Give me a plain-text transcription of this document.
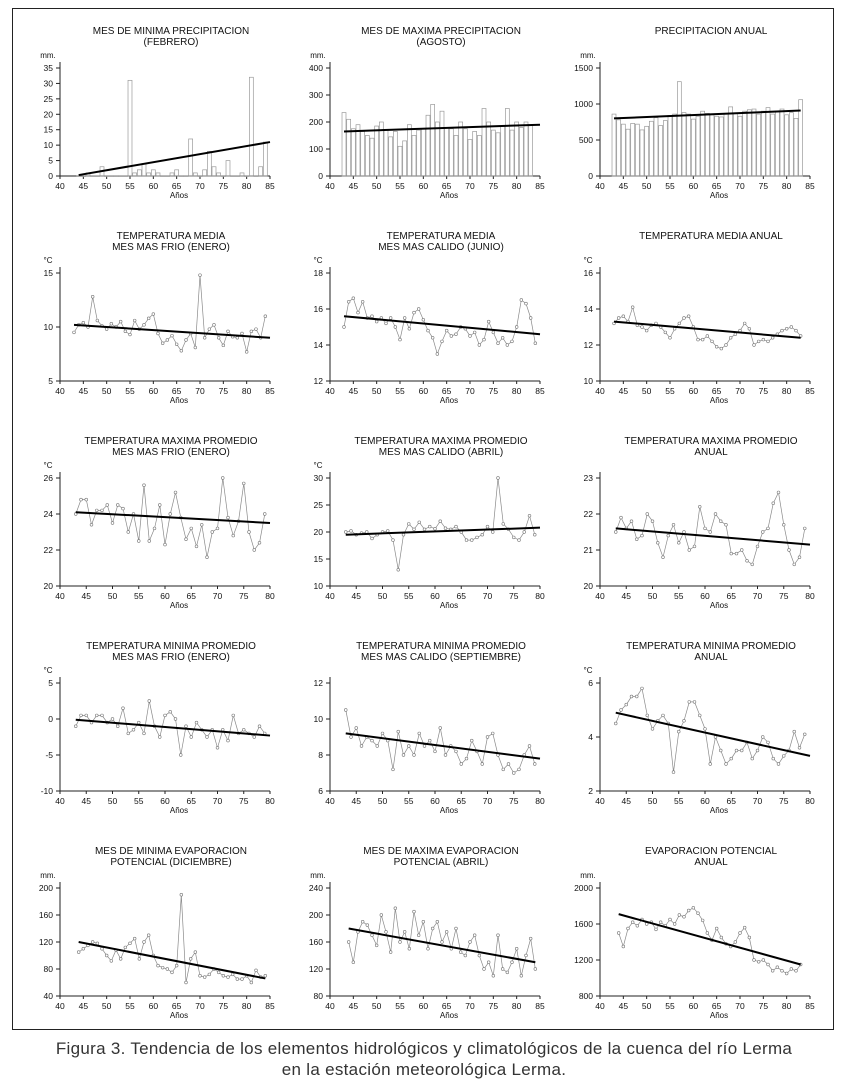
MES DE MINIMA PRECIPITACION
(FEBRERO)
mm.
0
5
10
15
20
25
30
35
40 45 50 55 60 65 70 75 80 85
Años
MES DE MAXIMA PRECIPITACION
(AGOSTO)
mm.
0
100
200
300
400
40 45 50 55 60 65 70 75 80 85
Años
PRECIPITACION ANUAL
mm.
0
500
1000
1500
40 45 50 55 60 65 70 75 80 85
Años
TEMPERATURA MEDIA
MES MAS FRIO (ENERO)
°C
5
10
15
40 45 50 55 60 65 70 75 80 85
Años
TEMPERATURA MEDIA
MES MAS CALIDO (JUNIO)
°C
12
14
16
18
40 45 50 55 60 65 70 75 80 85
Años
TEMPERATURA MEDIA ANUAL
°C
10
12
14
16
40 45 50 55 60 65 70 75 80 85
Años
TEMPERATURA MAXIMA PROMEDIO
MES MAS FRIO (ENERO)
°C
20
22
24
26
40 45 50 55 60 65 70 75 80
Años
TEMPERATURA MAXIMA PROMEDIO
MES MAS CALIDO (ABRIL)
°C
10
15
20
25
30
40 45 50 55 60 65 70 75 80
Años
TEMPERATURA MAXIMA PROMEDIO
ANUAL
20
21
22
23
40 45 50 55 60 65 70 75 80
Años
TEMPERATURA MINIMA PROMEDIO
MES MAS FRIO (ENERO)
°C
-10
-5
0
5
40 45 50 55 60 65 70 75 80
Años
TEMPERATURA MINIMA PROMEDIO
MES MAS CALIDO (SEPTIEMBRE)
6
8
10
12
40 45 50 55 60 65 70 75 80
Años
TEMPERATURA MINIMA PROMEDIO
ANUAL
°C
2
4
6
40 45 50 55 60 65 70 75 80
Años
MES DE MINIMA EVAPORACION
POTENCIAL (DICIEMBRE)
mm.
40
80
120
160
200
40 45 50 55 60 65 70 75 80 85
Años
MES DE MAXIMA EVAPORACION
POTENCIAL (ABRIL)
mm.
80
120
160
200
240
40 45 50 55 60 65 70 75 80 85
Años
EVAPORACION POTENCIAL
ANUAL
mm.
800
1200
1600
2000
40 45 50 55 60 65 70 75 80 85
Años
Figura 3. Tendencia de los elementos hidrológicos y climatológicos de la cuenca del río Lerma
en la estación meteorológica Lerma.
